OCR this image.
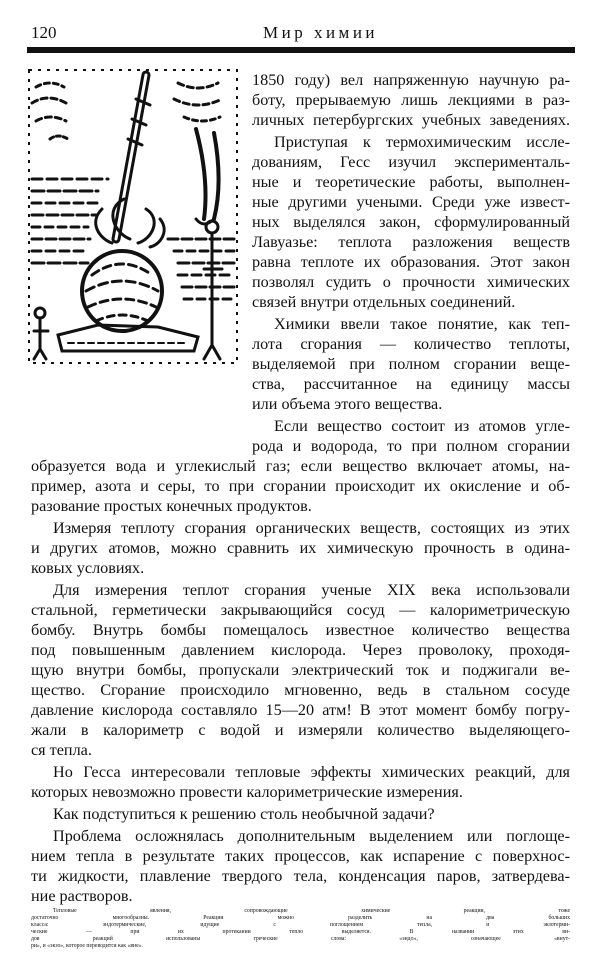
120	Мир химии
1850 году) вел напряженную научную ра-
боту, прерываемую лишь лекциями в раз-
личных петербургских учебных заведениях.
Приступая к термохимическим иссле-
дованиям, Гесс изучил эксперименталь-
ные и теоретические работы, выполнен-
ные другими учеными. Среди уже извест-
ных выделялся закон, сформулированный
Лавуазье: теплота разложения веществ
равна теплоте их образования. Этот закон
позволял судить о прочности химических
связей внутри отдельных соединений.
Химики ввели такое понятие, как теп-
лота сгорания — количество теплоты,
выделяемой при полном сгорании веще-
ства, рассчитанное на единицу массы
или объема этого вещества.
Если вещество состоит из атомов угле-
рода и водорода, то при полном сгорании
образуется вода и углекислый газ; если вещество включает атомы, на-
пример, азота и серы, то при сгорании происходит их окисление и об-
разование простых конечных продуктов.
Измеряя теплоту сгорания органических веществ, состоящих из этих
и других атомов, можно сравнить их химическую прочность в одина-
ковых условиях.
Для измерения теплот сгорания ученые XIX века использовали
стальной, герметически закрывающийся сосуд — калориметрическую
бомбу. Внутрь бомбы помещалось известное количество вещества
под повышенным давлением кислорода. Через проволоку, проходя-
щую внутри бомбы, пропускали электрический ток и поджигали ве-
щество. Сгорание происходило мгновенно, ведь в стальном сосуде
давление кислорода составляло 15—20 атм! В этот момент бомбу погру-
жали в калориметр с водой и измеряли количество выделяющего-
ся тепла.
Но Гесса интересовали тепловые эффекты химических реакций, для
которых невозможно провести калориметрические измерения.
Как подступиться к решению столь необычной задачи?
Проблема осложнялась дополнительным выделением или поглоще-
нием тепла в результате таких процессов, как испарение с поверхнос-
ти жидкости, плавление твердого тела, конденсация паров, затвердева-
ние растворов.
Тепловые явления, сопровождающие химические реакции, тоже
достаточно многообразны. Реакции можно разделить на два больших
класса: эндотермические, идущие с поглощением тепла, и экзотерми-
ческие — при их протекании тепло выделяется. В названии этих ви-
дов реакций использованы греческие слова: «эндо», означающее «внут-
ри», и «экзо», которое переводится как «вне».
